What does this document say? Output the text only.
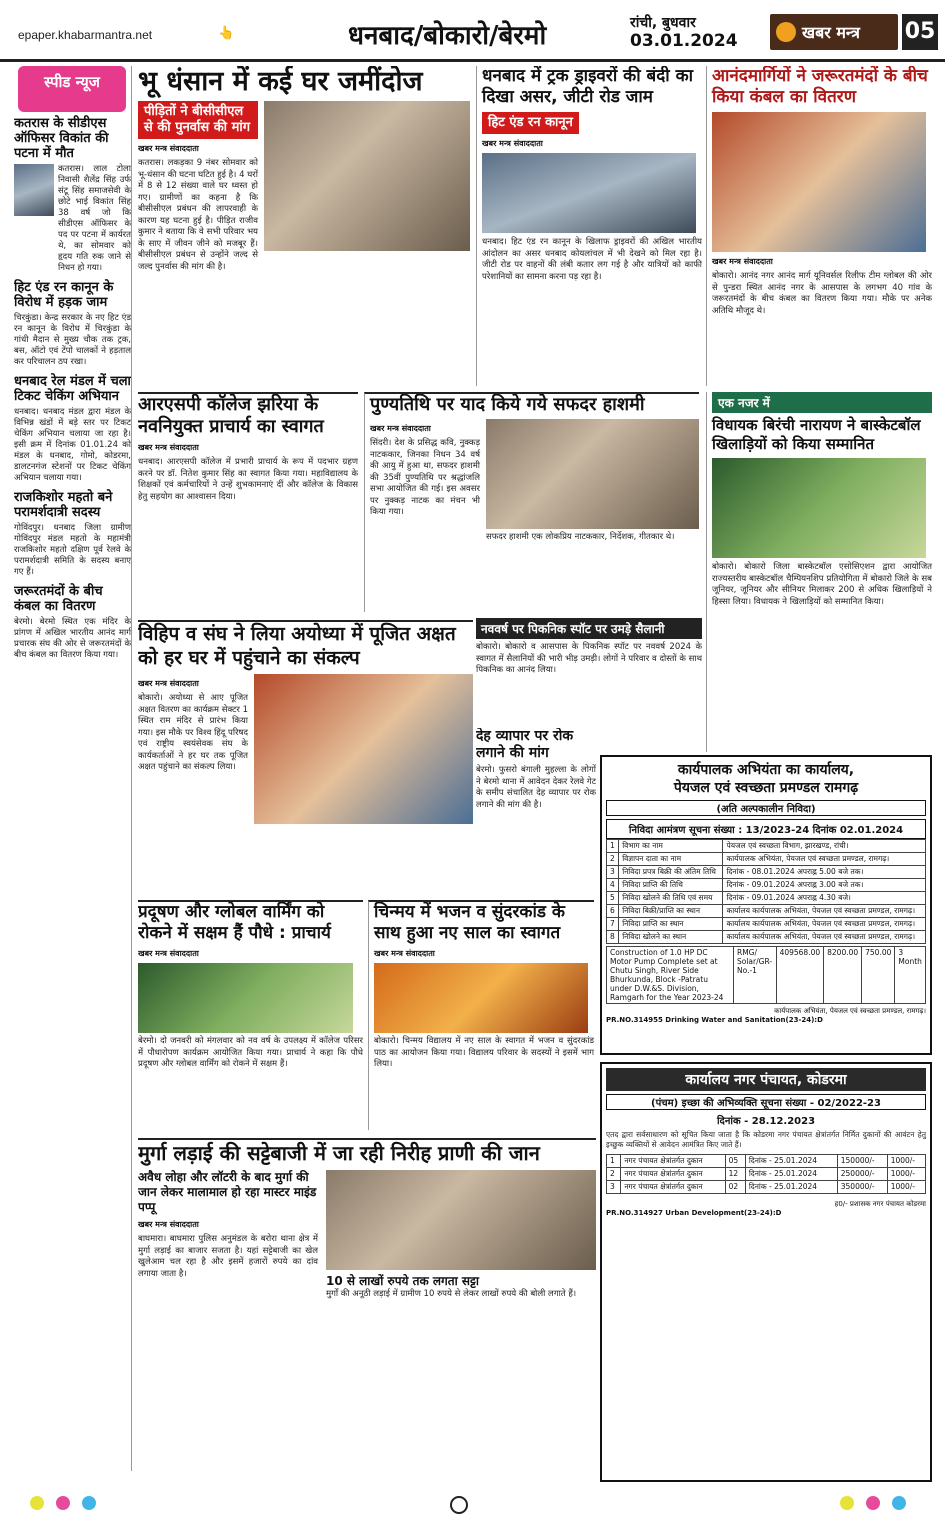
epaper.khabarmantra.net	👆	धनबाद/बोकारो/बेरमो	रांची, बुधवार
03.01.2024	खबर मन्त्र 05
स्पीड न्यूज
कतरास के सीडीएस ऑफिसर विकांत की पटना में मौत
कतरास। लाल टोला निवासी शैलेंद्र सिंह उर्फ संटू सिंह समाजसेवी के छोटे भाई विकांत सिंह 38 वर्ष जो कि सीडीएस ऑफिसर के पद पर पटना में कार्यरत थे, का सोमवार को हृदय गति रुक जाने से निधन हो गया।
हिट एंड रन कानून के विरोध में हड़क जाम
चिरकुंडा। केन्द्र सरकार के नए हिट एंड रन कानून के विरोध में चिरकुंडा के गांधी मैदान से मुख्य चौक तक ट्रक, बस, ऑटो एवं टेंपो चालकों ने हड़ताल कर परिचालन ठप रखा।
धनबाद रेल मंडल में चला टिकट चेकिंग अभियान
धनबाद। धनबाद मंडल द्वारा मंडल के विभिन्न खंडों में बड़े स्तर पर टिकट चेकिंग अभियान चलाया जा रहा है। इसी क्रम में दिनांक 01.01.24 को मंडल के धनबाद, गोमो, कोडरमा, डालटनगंज स्टेशनों पर टिकट चेकिंग अभियान चलाया गया।
राजकिशोर महतो बने परामर्शदात्री सदस्य
गोविंदपुर। धनबाद जिला ग्रामीण गोविंदपुर मंडल महतो के महामंत्री राजकिशोर महतो दक्षिण पूर्व रेलवे के परामर्शदात्री समिति के सदस्य बनाए गए हैं।
जरूरतमंदों के बीच कंबल का वितरण
बेरमो। बेरमो स्थित एक मंदिर के प्रांगण में अखिल भारतीय आनंद मार्ग प्रचारक संघ की ओर से जरूरतमंदों के बीच कंबल का वितरण किया गया।
भू धंसान में कई घर जमींदोज
पीड़ितों ने बीसीसीएल से की पुनर्वास की मांग
खबर मन्त्र संवाददाता
कतरास। लकड़का 9 नंबर सोमवार को भू-धंसान की घटना घटित हुई है। 4 घरों में 8 से 12 संख्या वाले घर ध्वस्त हो गए। ग्रामीणों का कहना है कि बीसीसीएल प्रबंधन की लापरवाही के कारण यह घटना हुई है। पीड़ित राजीव कुमार ने बताया कि वे सभी परिवार भय के साए में जीवन जीने को मजबूर हैं। बीसीसीएल प्रबंधन से उन्होंने जल्द से जल्द पुनर्वास की मांग की है।
धनबाद में ट्रक ड्राइवरों की बंदी का दिखा असर, जीटी रोड जाम
हिट एंड रन कानून
खबर मन्त्र संवाददाता
धनबाद। हिट एंड रन कानून के खिलाफ ड्राइवरों की अखिल भारतीय आंदोलन का असर धनबाद कोयलांचल में भी देखने को मिल रहा है। जीटी रोड पर वाहनों की लंबी कतार लग गई है और यात्रियों को काफी परेशानियों का सामना करना पड़ रहा है।
आनंदमार्गियों ने जरूरतमंदों के बीच किया कंबल का वितरण
खबर मन्त्र संवाददाता
बोकारो। आनंद नगर आनंद मार्ग यूनिवर्सल रिलीफ टीम ग्लोबल की ओर से पुन्डरा स्थित आनंद नगर के आसपास के लगभग 40 गांव के जरूरतमंदों के बीच कंबल का वितरण किया गया। मौके पर अनेक अतिथि मौजूद थे।
आरएसपी कॉलेज झरिया के नवनियुक्त प्राचार्य का स्वागत
खबर मन्त्र संवाददाता
धनबाद। आरएसपी कॉलेज में प्रभारी प्राचार्य के रूप में पदभार ग्रहण करने पर डॉ. नितेश कुमार सिंह का स्वागत किया गया। महाविद्यालय के शिक्षकों एवं कर्मचारियों ने उन्हें शुभकामनाएं दीं और कॉलेज के विकास हेतु सहयोग का आश्वासन दिया।
पुण्यतिथि पर याद किये गये सफदर हाशमी
खबर मन्त्र संवाददाता
सिंदरी। देश के प्रसिद्ध कवि, नुक्कड़ नाटककार, जिनका निधन 34 वर्ष की आयु में हुआ था, सफदर हाशमी की 35वीं पुण्यतिथि पर श्रद्धांजलि सभा आयोजित की गई। इस अवसर पर नुक्कड़ नाटक का मंचन भी किया गया।
सफदर हाशमी एक लोकप्रिय नाटककार, निर्देशक, गीतकार थे।
एक नजर में
विधायक बिरंची नारायण ने बास्केटबॉल खिलाड़ियों को किया सम्मानित
बोकारो। बोकारो जिला बास्केटबॉल एसोसिएशन द्वारा आयोजित राज्यस्तरीय बास्केटबॉल चैम्पियनशिप प्रतियोगिता में बोकारो जिले के सब जूनियर, जूनियर और सीनियर मिलाकर 200 से अधिक खिलाड़ियों ने हिस्सा लिया। विधायक ने खिलाड़ियों को सम्मानित किया।
नववर्ष पर पिकनिक स्पॉट पर उमड़े सैलानी
बोकारो। बोकारो व आसपास के पिकनिक स्पॉट पर नववर्ष 2024 के स्वागत में सैलानियों की भारी भीड़ उमड़ी। लोगों ने परिवार व दोस्तों के साथ पिकनिक का आनंद लिया।
विहिप व संघ ने लिया अयोध्या में पूजित अक्षत को हर घर में पहुंचाने का संकल्प
खबर मन्त्र संवाददाता
बोकारो। अयोध्या से आए पूजित अक्षत वितरण का कार्यक्रम सेक्टर 1 स्थित राम मंदिर से प्रारंभ किया गया। इस मौके पर विश्व हिंदू परिषद एवं राष्ट्रीय स्वयंसेवक संघ के कार्यकर्ताओं ने हर घर तक पूजित अक्षत पहुंचाने का संकल्प लिया।
देह व्यापार पर रोक लगाने की मांग
बेरमो। फुसरो बंगाली मुहल्ला के लोगों ने बेरमो थाना में आवेदन देकर रेलवे गेट के समीप संचालित देह व्यापार पर रोक लगाने की मांग की है।
कार्यपालक अभियंता का कार्यालय,
पेयजल एवं स्वच्छता प्रमण्डल रामगढ़
(अति अल्पकालीन निविदा)
निविदा आमंत्रण सूचना संख्या : 13/2023-24 दिनांक 02.01.2024
1	विभाग का नाम	पेयजल एवं स्वच्छता विभाग, झारखण्ड, रांची।
2	विज्ञापन दाता का नाम	कार्यपालक अभियंता, पेयजल एवं स्वच्छता प्रमण्डल, रामगढ़।
3	निविदा प्रपत्र बिक्री की अंतिम तिथि	दिनांक - 08.01.2024 अपराह्न 5.00 बजे तक।
4	निविदा प्राप्ति की तिथि	दिनांक - 09.01.2024 अपराह्न 3.00 बजे तक।
5	निविदा खोलने की तिथि एवं समय	दिनांक - 09.01.2024 अपराह्न 4.30 बजे।
6	निविदा बिक्री/प्राप्ति का स्थान	कार्यालय कार्यपालक अभियंता, पेयजल एवं स्वच्छता प्रमण्डल, रामगढ़।
7	निविदा प्राप्ति का स्थान	कार्यालय कार्यपालक अभियंता, पेयजल एवं स्वच्छता प्रमण्डल, रामगढ़।
8	निविदा खोलने का स्थान	कार्यालय कार्यपालक अभियंता, पेयजल एवं स्वच्छता प्रमण्डल, रामगढ़।
Construction of 1.0 HP DC Motor Pump Complete set at Chutu Singh, River Side Bhurkunda, Block -Patratu under D.W.&S. Division, Ramgarh for the Year 2023-24	RMG/ Solar/GR-No.-1	409568.00	8200.00	750.00	3 Month
कार्यपालक अभियंता, पेयजल एवं स्वच्छता प्रमण्डल, रामगढ़।
PR.NO.314955 Drinking Water and Sanitation(23-24):D
प्रदूषण और ग्लोबल वार्मिंग को रोकने में सक्षम हैं पौधे : प्राचार्य
खबर मन्त्र संवाददाता
बेरमो। दो जनवरी को मंगलवार को नव वर्ष के उपलक्ष्य में कॉलेज परिसर में पौधारोपण कार्यक्रम आयोजित किया गया। प्राचार्य ने कहा कि पौधे प्रदूषण और ग्लोबल वार्मिंग को रोकने में सक्षम हैं।
चिन्मय में भजन व सुंदरकांड के साथ हुआ नए साल का स्वागत
खबर मन्त्र संवाददाता
बोकारो। चिन्मय विद्यालय में नए साल के स्वागत में भजन व सुंदरकांड पाठ का आयोजन किया गया। विद्यालय परिवार के सदस्यों ने इसमें भाग लिया।
कार्यालय नगर पंचायत, कोडरमा
(पंचम) इच्छा की अभिव्यक्ति सूचना संख्या - 02/2022-23
दिनांक - 28.12.2023
एतद द्वारा सर्वसाधारण को सूचित किया जाता है कि कोडरमा नगर पंचायत क्षेत्रांतर्गत निर्मित दुकानों की आवंटन हेतु इच्छुक व्यक्तियों से आवेदन आमंत्रित किए जाते हैं।
1	नगर पंचायत क्षेत्रांतर्गत दुकान	05	दिनांक - 25.01.2024	150000/-	1000/-
2	नगर पंचायत क्षेत्रांतर्गत दुकान	12	दिनांक - 25.01.2024	250000/-	1000/-
3	नगर पंचायत क्षेत्रांतर्गत दुकान	02	दिनांक - 25.01.2024	350000/-	1000/-
ह0/- प्रशासक नगर पंचायत कोडरमा
PR.NO.314927 Urban Development(23-24):D
मुर्गा लड़ाई की सट्टेबाजी में जा रही निरीह प्राणी की जान
अवैध लोहा और लॉटरी के बाद मुर्गा की जान लेकर मालामाल हो रहा मास्टर माइंड पप्पू
खबर मन्त्र संवाददाता
बाघमारा। बाघमारा पुलिस अनुमंडल के बरोरा थाना क्षेत्र में मुर्गा लड़ाई का बाजार सजता है। यहां सट्टेबाजी का खेल खुलेआम चल रहा है और इसमें हजारों रुपये का दांव लगाया जाता है।
10 से लाखों रुपये तक लगता सट्टा
मुर्गों की अनूठी लड़ाई में ग्रामीण 10 रुपये से लेकर लाखों रुपये की बोली लगाते हैं।
